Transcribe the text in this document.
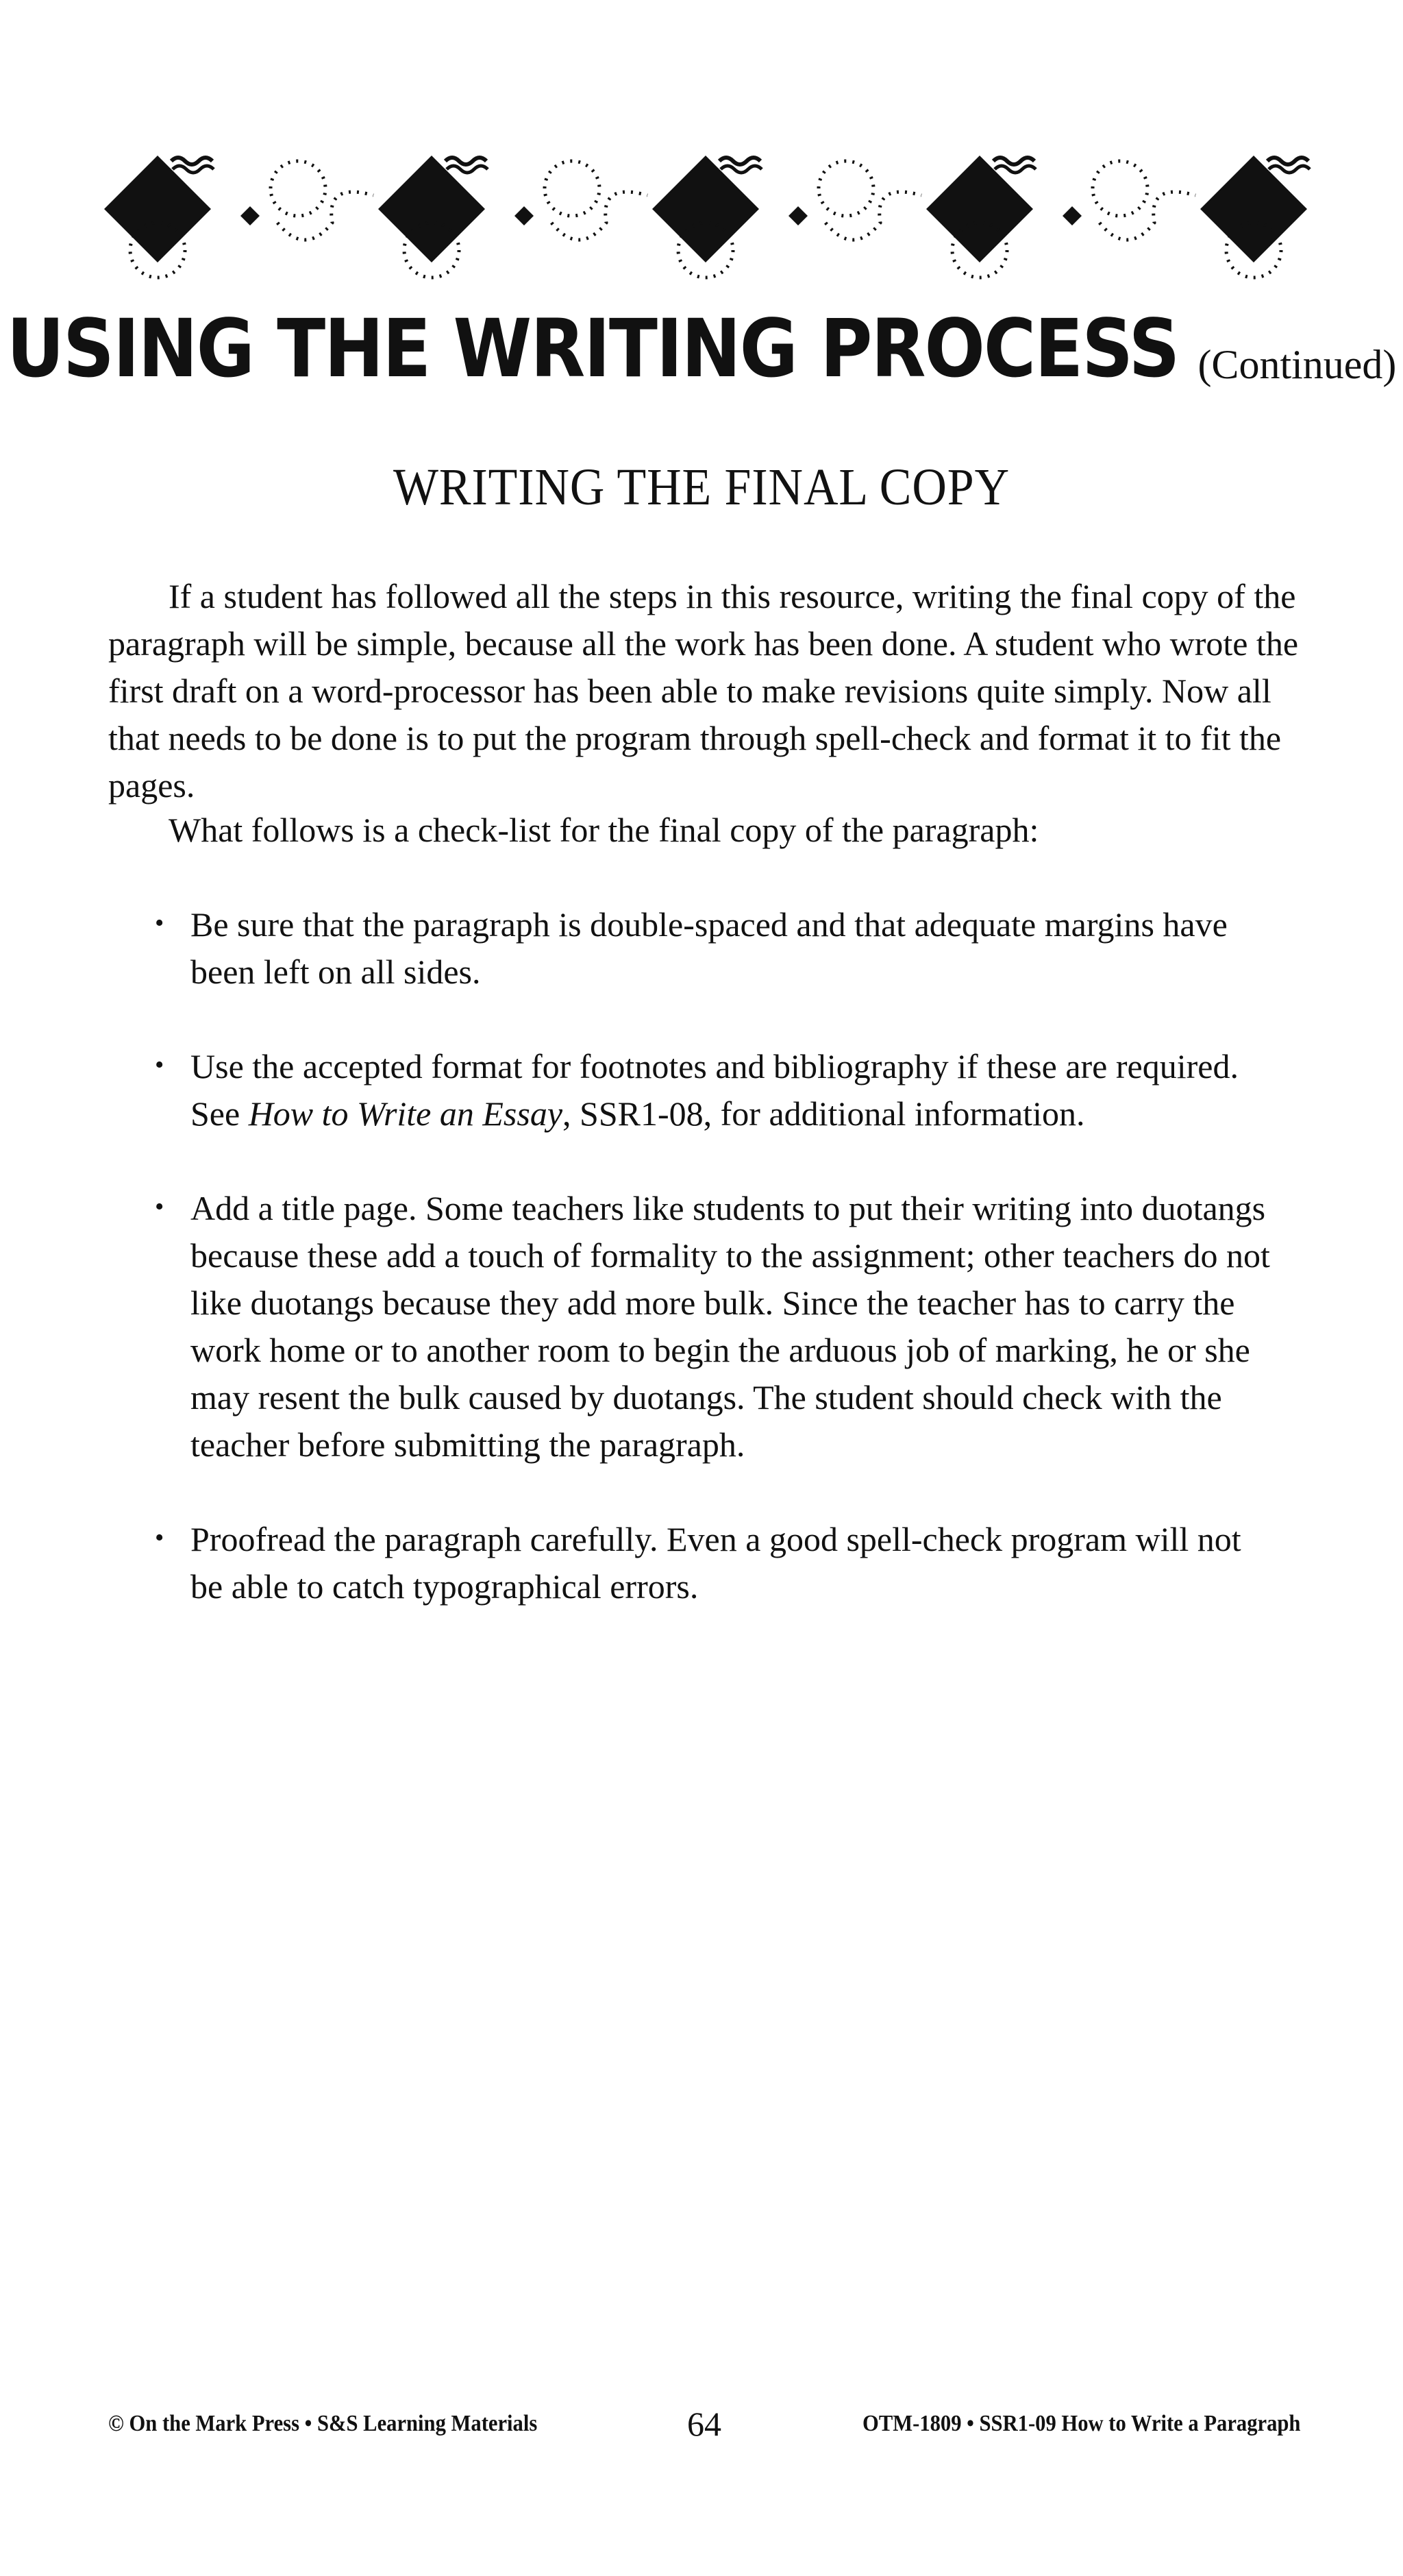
USING THE WRITING PROCESS (Continued)
WRITING THE FINAL COPY

If a student has followed all the steps in this resource, writing the final copy of the paragraph will be simple, because all the work has been done. A student who wrote the first draft on a word-processor has been able to make revisions quite simply. Now all that needs to be done is to put the program through spell-check and format it to fit the pages.

What follows is a check-list for the final copy of the paragraph:

• Be sure that the paragraph is double-spaced and that adequate margins have been left on all sides.
• Use the accepted format for footnotes and bibliography if these are required. See How to Write an Essay, SSR1-08, for additional information.
• Add a title page. Some teachers like students to put their writing into duotangs because these add a touch of formality to the assignment; other teachers do not like duotangs because they add more bulk. Since the teacher has to carry the work home or to another room to begin the arduous job of marking, he or she may resent the bulk caused by duotangs. The student should check with the teacher before submitting the paragraph.
• Proofread the paragraph carefully. Even a good spell-check program will not be able to catch typographical errors.
© On the Mark Press • S&S Learning Materials	64	OTM-1809 • SSR1-09 How to Write a Paragraph
